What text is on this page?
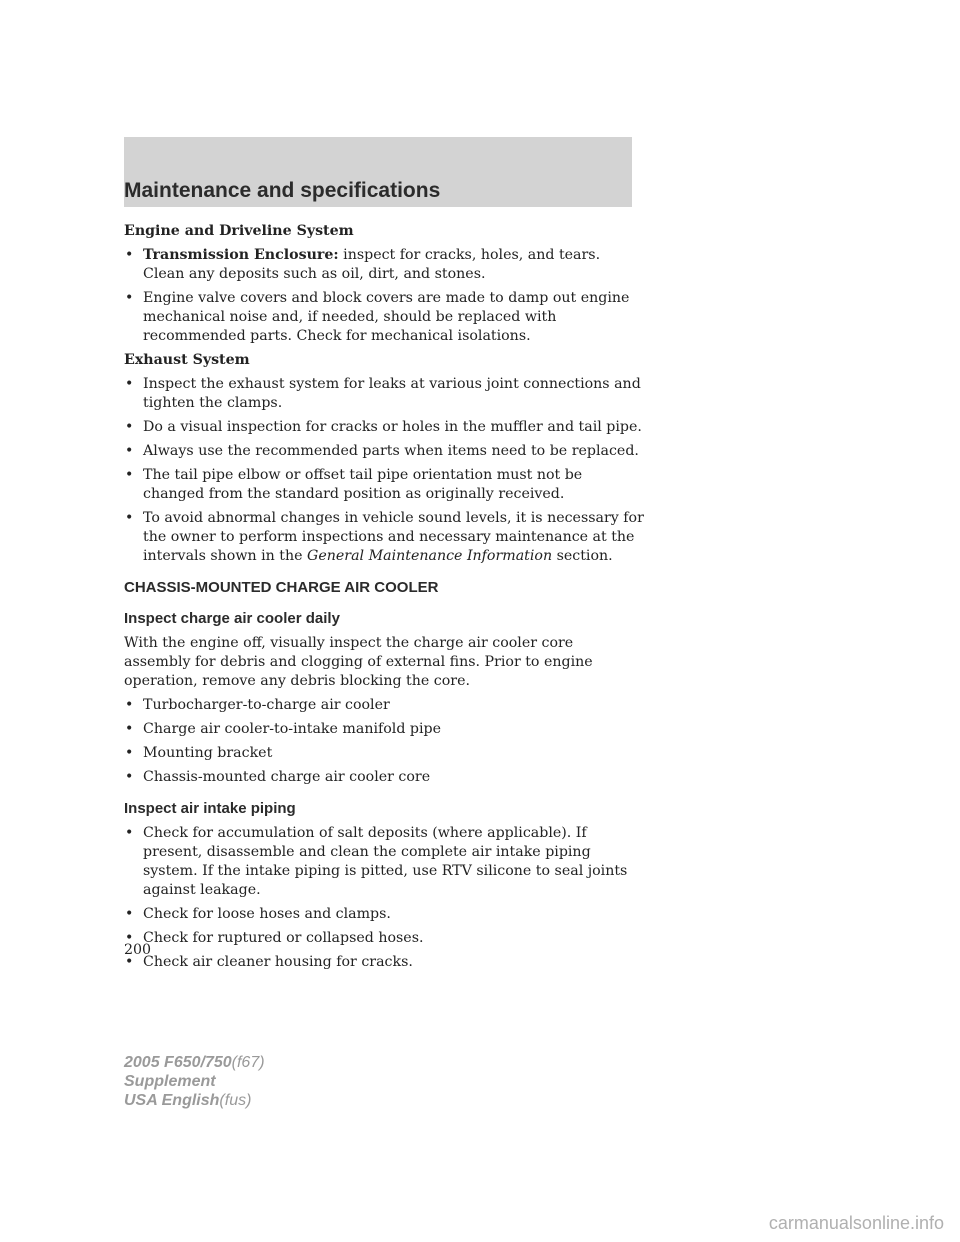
Maintenance and specifications

Engine and Driveline System

• Transmission Enclosure: inspect for cracks, holes, and tears. Clean any deposits such as oil, dirt, and stones.
• Engine valve covers and block covers are made to damp out engine mechanical noise and, if needed, should be replaced with recommended parts. Check for mechanical isolations.

Exhaust System

• Inspect the exhaust system for leaks at various joint connections and tighten the clamps.
• Do a visual inspection for cracks or holes in the muffler and tail pipe.
• Always use the recommended parts when items need to be replaced.
• The tail pipe elbow or offset tail pipe orientation must not be changed from the standard position as originally received.
• To avoid abnormal changes in vehicle sound levels, it is necessary for the owner to perform inspections and necessary maintenance at the intervals shown in the General Maintenance Information section.
CHASSIS-MOUNTED CHARGE AIR COOLER
Inspect charge air cooler daily

With the engine off, visually inspect the charge air cooler core assembly for debris and clogging of external fins. Prior to engine operation, remove any debris blocking the core.

• Turbocharger-to-charge air cooler
• Charge air cooler-to-intake manifold pipe
• Mounting bracket
• Chassis-mounted charge air cooler core
Inspect air intake piping
• Check for accumulation of salt deposits (where applicable). If present, disassemble and clean the complete air intake piping system. If the intake piping is pitted, use RTV silicone to seal joints against leakage.
• Check for loose hoses and clamps.
• Check for ruptured or collapsed hoses.
• Check air cleaner housing for cracks.
200
2005 F650/750(f67)
Supplement
USA English(fus)
carmanualsonline.info
